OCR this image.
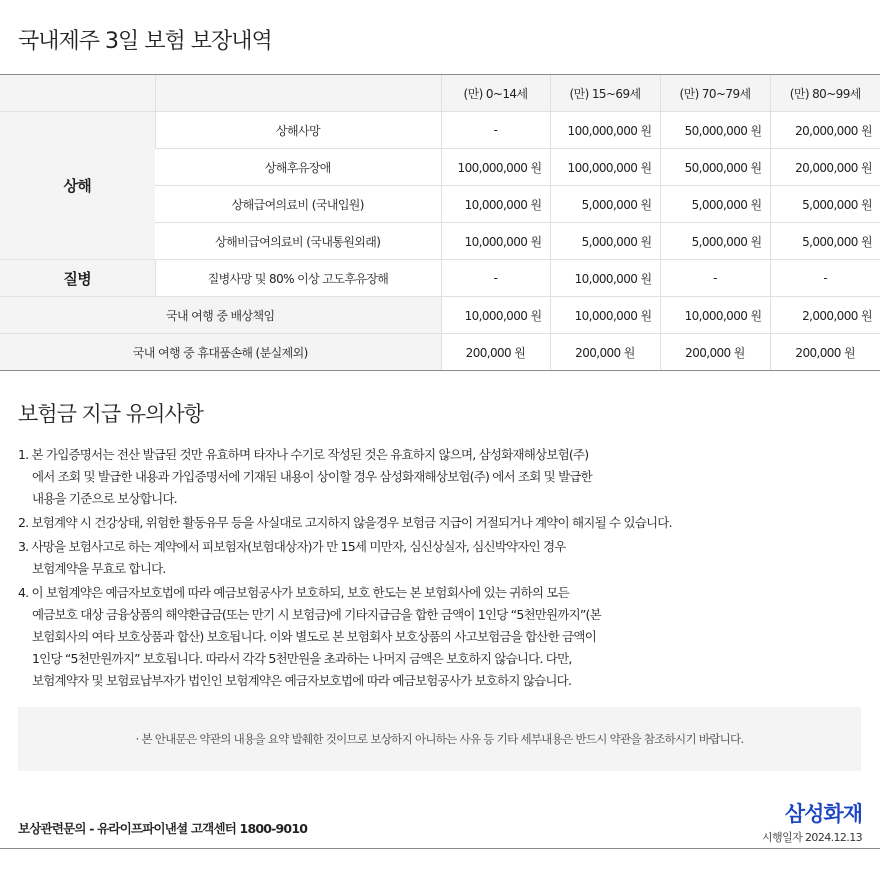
국내제주 3일 보험 보장내역
		(만) 0~14세	(만) 15~69세	(만) 70~79세	(만) 80~99세
상해	상해사망	-	100,000,000 원	50,000,000 원	20,000,000 원
	상해후유장애	100,000,000 원	100,000,000 원	50,000,000 원	20,000,000 원
	상해급여의료비 (국내입원)	10,000,000 원	5,000,000 원	5,000,000 원	5,000,000 원
	상해비급여의료비 (국내통원외래)	10,000,000 원	5,000,000 원	5,000,000 원	5,000,000 원
질병	질병사망 및 80% 이상 고도후유장해	-	10,000,000 원	-	-
국내 여행 중 배상책임		10,000,000 원	10,000,000 원	10,000,000 원	2,000,000 원
국내 여행 중 휴대품손해 (분실제외)		200,000 원	200,000 원	200,000 원	200,000 원
보험금 지급 유의사항
1. 본 가입증명서는 전산 발급된 것만 유효하며 타자나 수기로 작성된 것은 유효하지 않으며, 삼성화재해상보험(주)
에서 조회 및 발급한 내용과 가입증명서에 기재된 내용이 상이할 경우 삼성화재해상보험(주) 에서 조회 및 발급한
내용을 기준으로 보상합니다.
2. 보험계약 시 건강상태, 위험한 활동유무 등을 사실대로 고지하지 않을경우 보험금 지급이 거절되거나 계약이 해지될 수 있습니다.
3. 사망을 보험사고로 하는 계약에서 피보험자(보험대상자)가 만 15세 미만자, 심신상실자, 심신박약자인 경우
보험계약을 무효로 합니다.
4. 이 보험계약은 예금자보호법에 따라 예금보험공사가 보호하되, 보호 한도는 본 보험회사에 있는 귀하의 모든
예금보호 대상 금융상품의 해약환급금(또는 만기 시 보험금)에 기타지급금을 합한 금액이 1인당 “5천만원까지”(본
보험회사의 여타 보호상품과 합산) 보호됩니다. 이와 별도로 본 보험회사 보호상품의 사고보험금을 합산한 금액이
1인당 “5천만원까지” 보호됩니다. 따라서 각각 5천만원을 초과하는 나머지 금액은 보호하지 않습니다. 다만,
보험계약자 및 보험료납부자가 법인인 보험계약은 예금자보호법에 따라 예금보험공사가 보호하지 않습니다.
· 본 안내문은 약관의 내용을 요약 발췌한 것이므로 보상하지 아니하는 사유 등 기타 세부내용은 반드시 약관을 참조하시기 바랍니다.
보상관련문의 - 유라이프파이낸셜 고객센터 1800-9010
삼성화재
시행일자 2024.12.13
